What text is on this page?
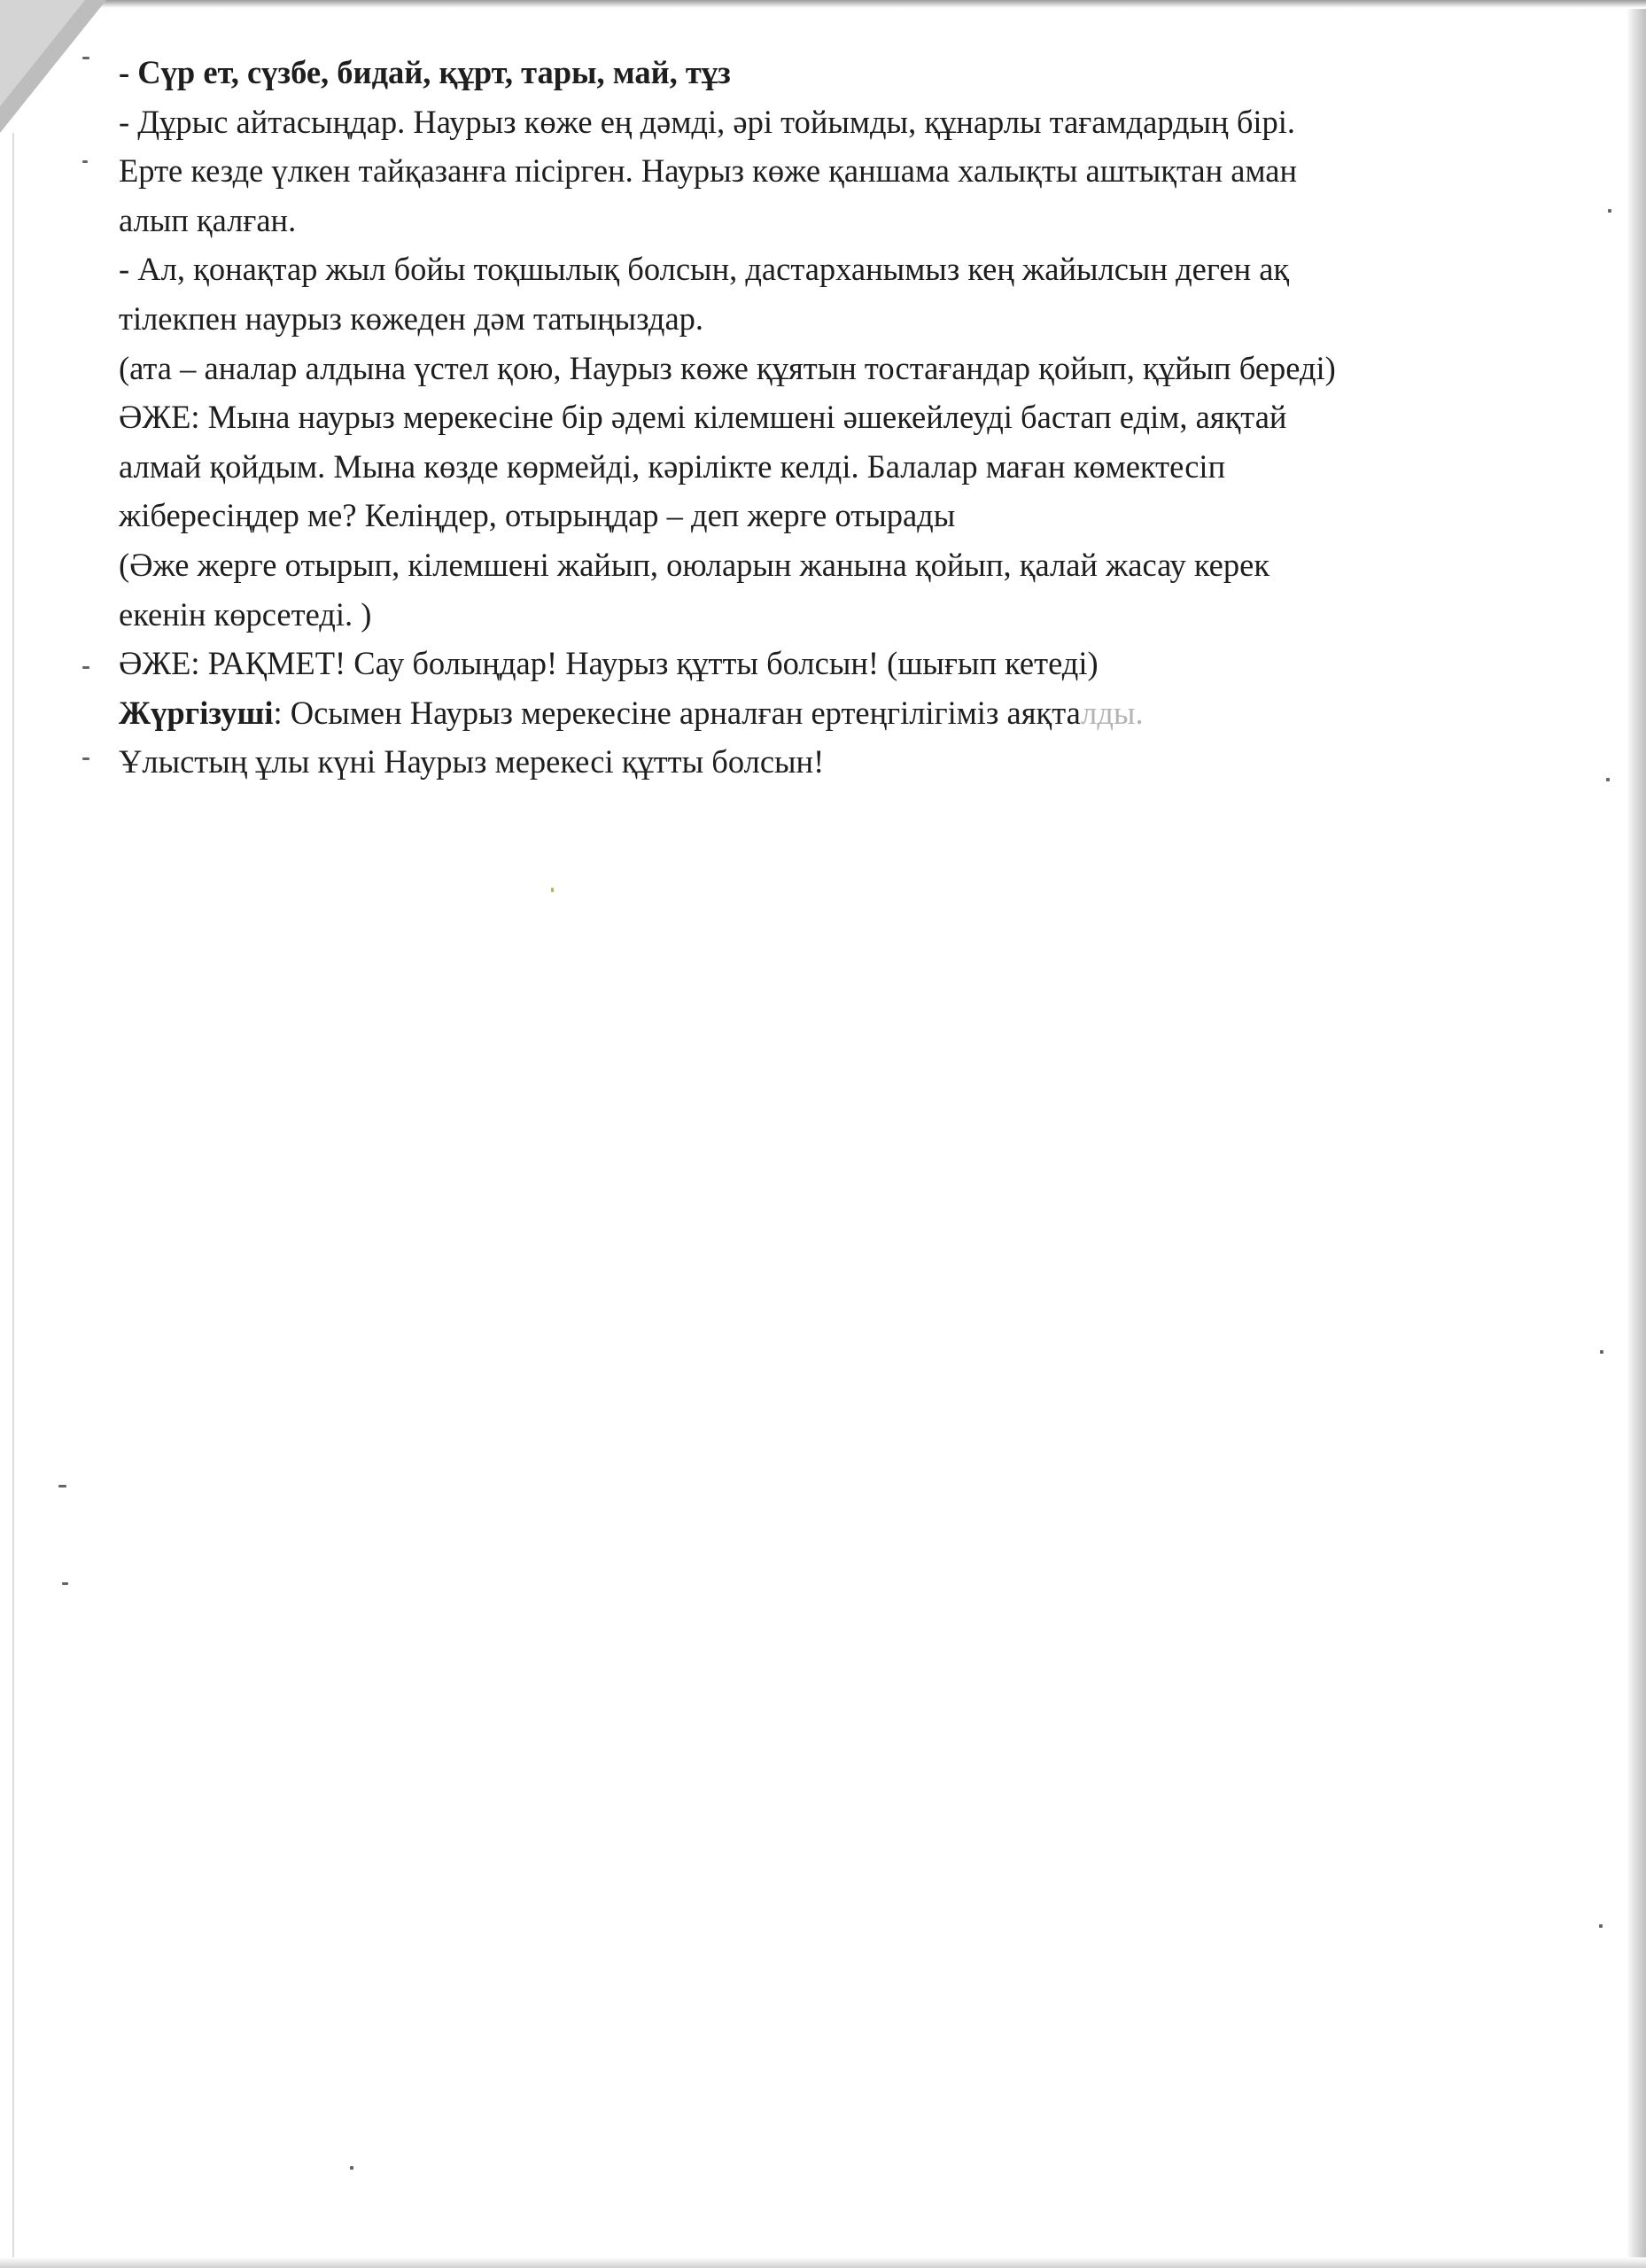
- Сүр ет, сүзбе, бидай, құрт, тары, май, тұз
- Дұрыс айтасыңдар. Наурыз көже ең дәмді, әрі тойымды, құнарлы тағамдардың бірі.
Ерте кезде үлкен тайқазанға пісірген. Наурыз көже қаншама халықты аштықтан аман
алып қалған.
- Ал, қонақтар жыл бойы тоқшылық болсын, дастарханымыз кең жайылсын деген ақ
тілекпен наурыз көжеден дәм татыңыздар.
(ата – аналар алдына үстел қою, Наурыз көже құятын тостағандар қойып, құйып береді)
ӘЖЕ: Мына наурыз мерекесіне бір әдемі кілемшені әшекейлеуді бастап едім, аяқтай
алмай қойдым. Мына көзде көрмейді, кәрілікте келді. Балалар маған көмектесіп
жібересіңдер ме? Келіңдер, отырыңдар – деп жерге отырады
(Әже жерге отырып, кілемшені жайып, оюларын жанына қойып, қалай жасау керек
екенін көрсетеді. )
ӘЖЕ: РАҚМЕТ! Сау болыңдар! Наурыз құтты болсын! (шығып кетеді)
Жүргізуші: Осымен Наурыз мерекесіне арналған ертеңгілігіміз аяқталды.
Ұлыстың ұлы күні Наурыз мерекесі құтты болсын!
